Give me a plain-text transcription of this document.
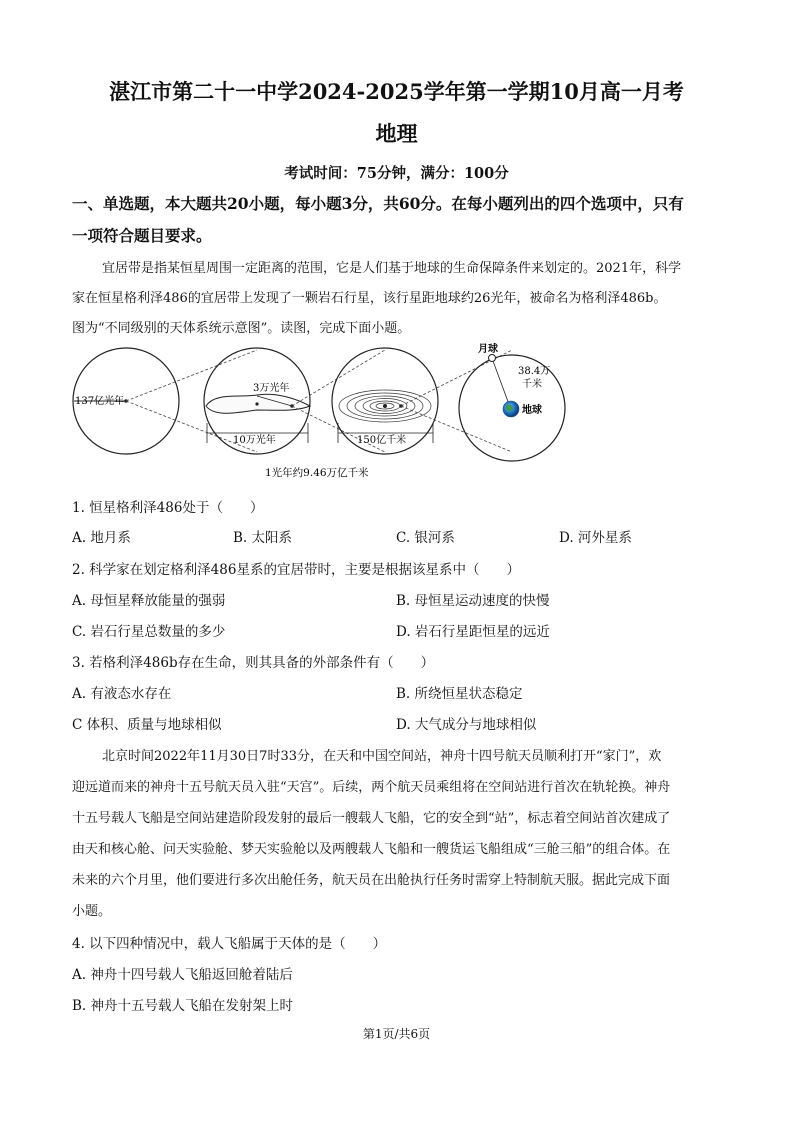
湛江市第二十一中学2024-2025学年第一学期10月高一月考
地理
考试时间：75分钟，满分：100分
一、单选题，本大题共20小题，每小题3分，共60分。在每小题列出的四个选项中，只有
一项符合题目要求。
宜居带是指某恒星周围一定距离的范围，它是人们基于地球的生命保障条件来划定的。2021年，科学
家在恒星格利泽486的宜居带上发现了一颗岩石行星，该行星距地球约26光年，被命名为格利泽486b。
图为“不同级别的天体系统示意图”。读图，完成下面小题。
137亿光年
3万光年
10万光年	150亿千米
月球
38.4万
千米
地球
1光年约9.46万亿千米
1. 恒星格利泽486处于（　　）
A. 地月系	B. 太阳系	C. 银河系	D. 河外星系
2. 科学家在划定格利泽486星系的宜居带时，主要是根据该星系中（　　）
A. 母恒星释放能量的强弱	B. 母恒星运动速度的快慢
C. 岩石行星总数量的多少	D. 岩石行星距恒星的远近
3. 若格利泽486b存在生命，则其具备的外部条件有（　　）
A. 有液态水存在	B. 所绕恒星状态稳定
C 体积、质量与地球相似	D. 大气成分与地球相似
北京时间2022年11月30日7时33分，在天和中国空间站，神舟十四号航天员顺利打开“家门”，欢
迎远道而来的神舟十五号航天员入驻“天宫”。后续，两个航天员乘组将在空间站进行首次在轨轮换。神舟
十五号载人飞船是空间站建造阶段发射的最后一艘载人飞船，它的安全到“站”，标志着空间站首次建成了
由天和核心舱、问天实验舱、梦天实验舱以及两艘载人飞船和一艘货运飞船组成“三舱三船”的组合体。在
未来的六个月里，他们要进行多次出舱任务，航天员在出舱执行任务时需穿上特制航天服。据此完成下面
小题。
4. 以下四种情况中，载人飞船属于天体的是（　　）
A. 神舟十四号载人飞船返回舱着陆后
B. 神舟十五号载人飞船在发射架上时
第1页/共6页
